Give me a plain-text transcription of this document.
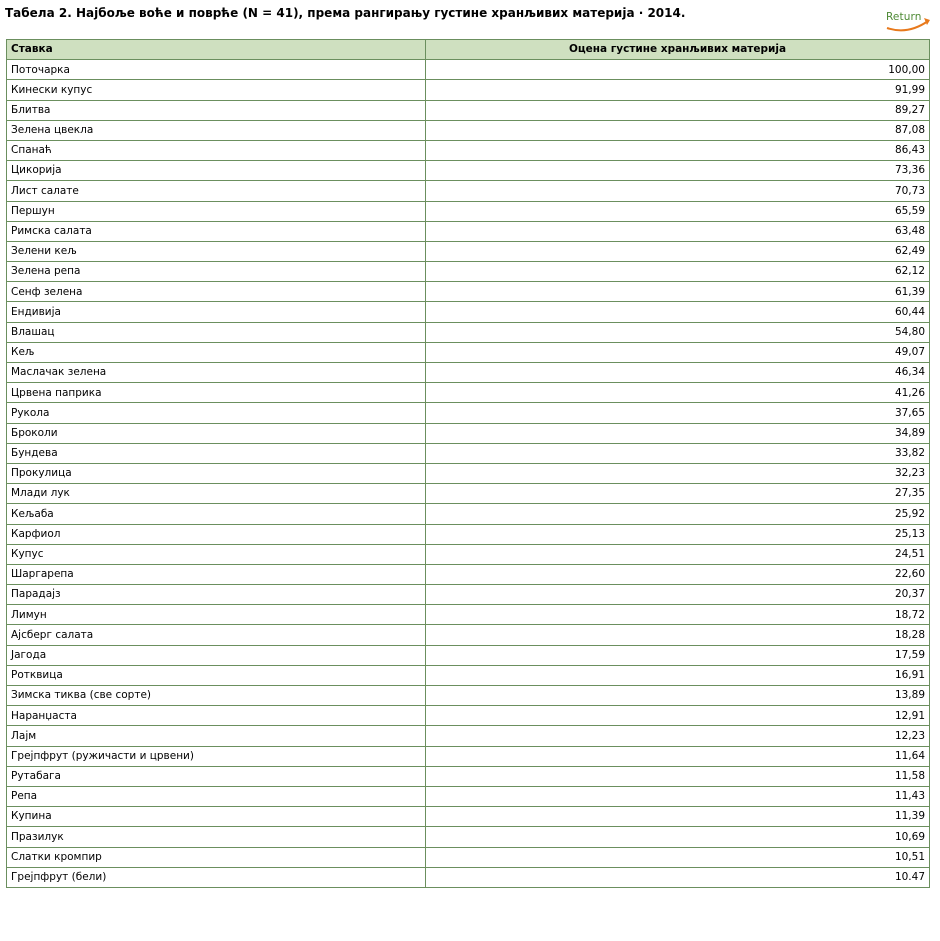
Табела 2. Најбоље воће и поврће (N = 41), према рангирању густине хранљивих материја · 2014.	Return
Ставка	Оцена густине хранљивих материја
Поточарка	100,00
Кинески купус	91,99
Блитва	89,27
Зелена цвекла	87,08
Спанаћ	86,43
Цикорија	73,36
Лист салате	70,73
Першун	65,59
Римска салата	63,48
Зелени кељ	62,49
Зелена репа	62,12
Сенф зелена	61,39
Ендивија	60,44
Влашац	54,80
Кељ	49,07
Маслачак зелена	46,34
Црвена паприка	41,26
Рукола	37,65
Броколи	34,89
Бундева	33,82
Прокулица	32,23
Млади лук	27,35
Кељаба	25,92
Карфиол	25,13
Купус	24,51
Шаргарепа	22,60
Парадајз	20,37
Лимун	18,72
Ајсберг салата	18,28
Јагода	17,59
Ротквица	16,91
Зимска тиква (све сорте)	13,89
Наранџаста	12,91
Лајм	12,23
Грејпфрут (ружичасти и црвени)	11,64
Рутабага	11,58
Репа	11,43
Купина	11,39
Празилук	10,69
Слатки кромпир	10,51
Грејпфрут (бели)	10.47
